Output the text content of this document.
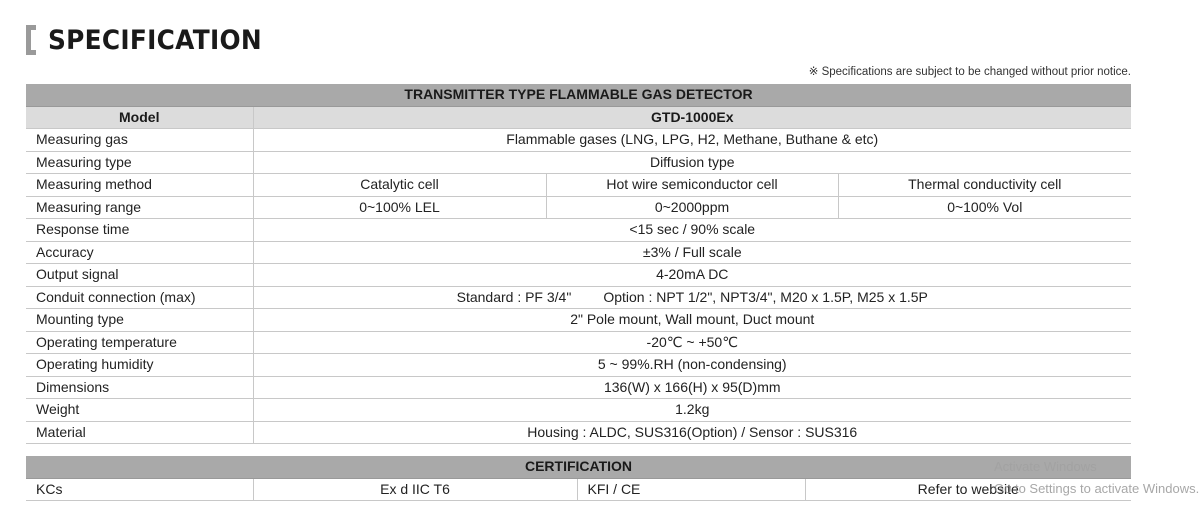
SPECIFICATION
※ Specifications are subject to be changed without prior notice.
TRANSMITTER TYPE FLAMMABLE GAS DETECTOR			
Model	GTD-1000Ex		
Measuring gas	Flammable gases (LNG, LPG, H2, Methane, Buthane & etc)		
Measuring type	Diffusion type		
Measuring method	Catalytic cell	Hot wire semiconductor cell	Thermal conductivity cell
Measuring range	0~100% LEL	0~2000ppm	0~100% Vol
Response time	<15 sec / 90% scale		
Accuracy	±3% / Full scale		
Output signal	4-20mA DC		
Conduit connection (max)	Standard : PF 3/4" Option : NPT 1/2", NPT3/4", M20 x 1.5P, M25 x 1.5P		
Mounting type	2" Pole mount, Wall mount, Duct mount		
Operating temperature	-20℃ ~ +50℃		
Operating humidity	5 ~ 99%.RH (non-condensing)		
Dimensions	136(W) x 166(H) x 95(D)mm		
Weight	1.2kg		
Material	Housing : ALDC, SUS316(Option) / Sensor : SUS316		
CERTIFICATION
KCs	Ex d IIC T6	KFI / CE	Refer to website
Activate Windows
Go to Settings to activate Windows.
